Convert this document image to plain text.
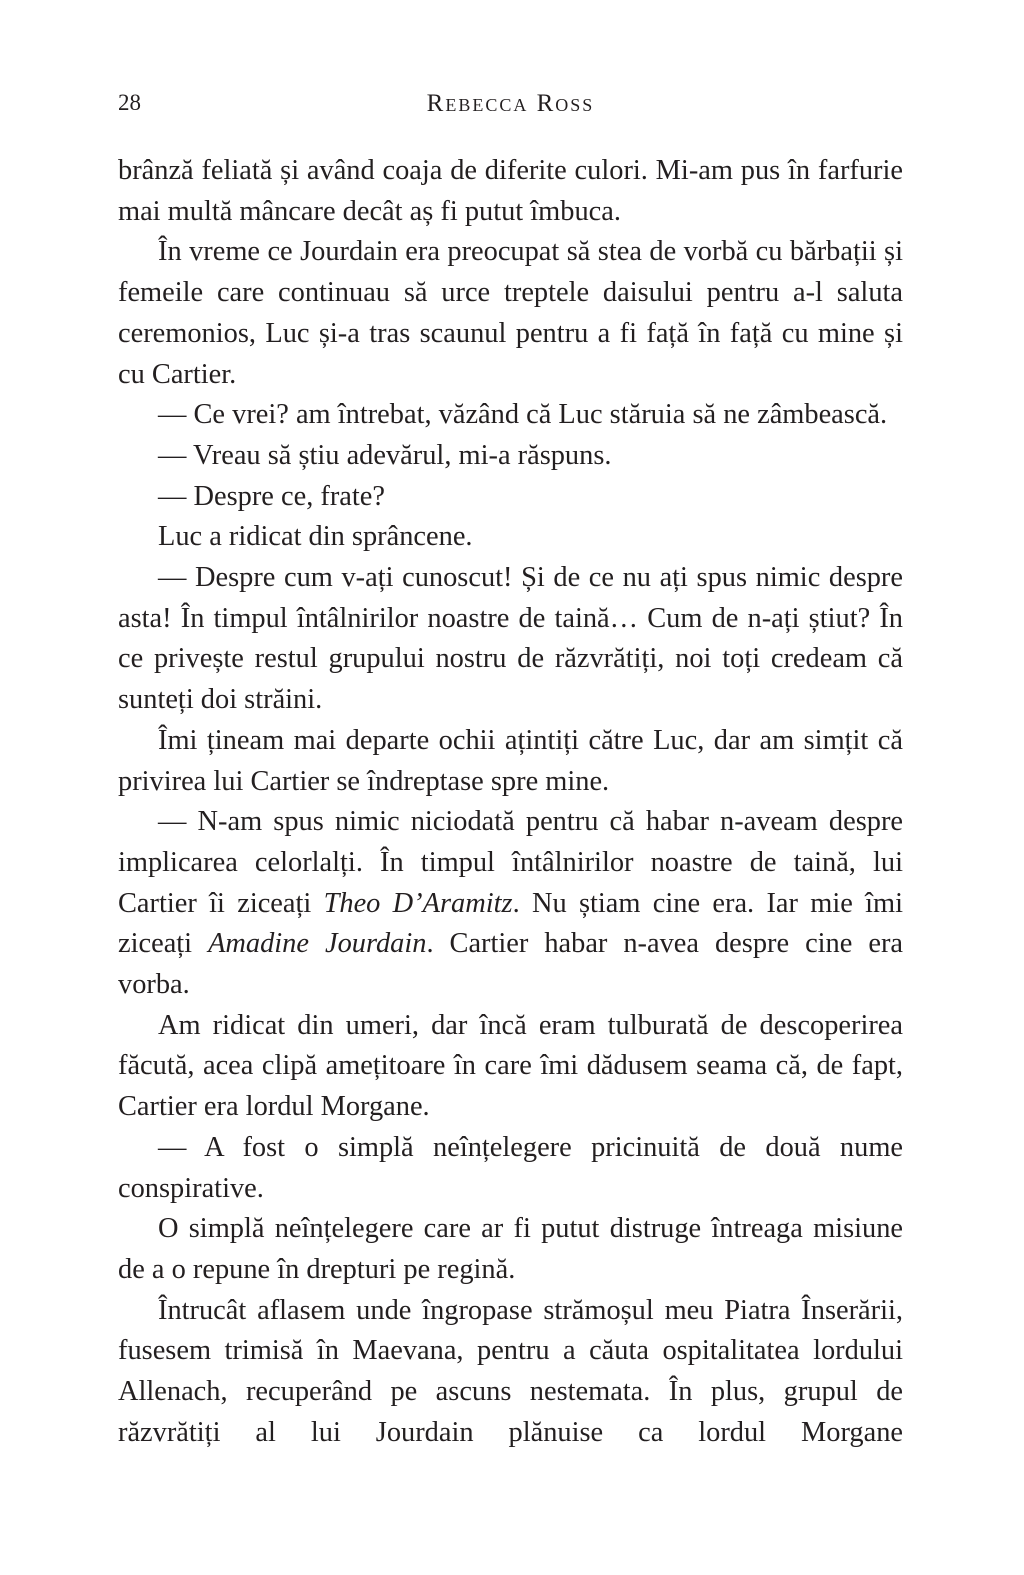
28	Rebecca Ross

brânză feliată și având coaja de diferite culori. Mi-am pus în farfurie mai multă mâncare decât aș fi putut îmbuca.

În vreme ce Jourdain era preocupat să stea de vorbă cu bărbații și femeile care continuau să urce treptele daisului pentru a-l saluta ceremonios, Luc și-a tras scaunul pentru a fi față în față cu mine și cu Cartier.

— Ce vrei? am întrebat, văzând că Luc stăruia să ne zâmbească.

— Vreau să știu adevărul, mi-a răspuns.

— Despre ce, frate?

Luc a ridicat din sprâncene.

— Despre cum v-ați cunoscut! Și de ce nu ați spus nimic despre asta! În timpul întâlnirilor noastre de taină… Cum de n-ați știut? În ce privește restul grupului nostru de răzvrătiți, noi toți credeam că sunteți doi străini.

Îmi țineam mai departe ochii ațintiți către Luc, dar am simțit că privirea lui Cartier se îndreptase spre mine.

— N-am spus nimic niciodată pentru că habar n-aveam despre implicarea celorlalți. În timpul întâlnirilor noastre de taină, lui Cartier îi ziceați Theo D’Aramitz. Nu știam cine era. Iar mie îmi ziceați Amadine Jourdain. Cartier habar n-avea despre cine era vorba.

Am ridicat din umeri, dar încă eram tulburată de descoperirea făcută, acea clipă amețitoare în care îmi dădusem seama că, de fapt, Cartier era lordul Morgane.

— A fost o simplă neînțelegere pricinuită de două nume conspirative.

O simplă neînțelegere care ar fi putut distruge întreaga misiune de a o repune în drepturi pe regină.

Întrucât aflasem unde îngropase strămoșul meu Piatra Înserării, fusesem trimisă în Maevana, pentru a căuta ospitalitatea lordului Allenach, recuperând pe ascuns nestemata. În plus, grupul de răzvrătiți al lui Jourdain plănuise ca lordul Morgane
